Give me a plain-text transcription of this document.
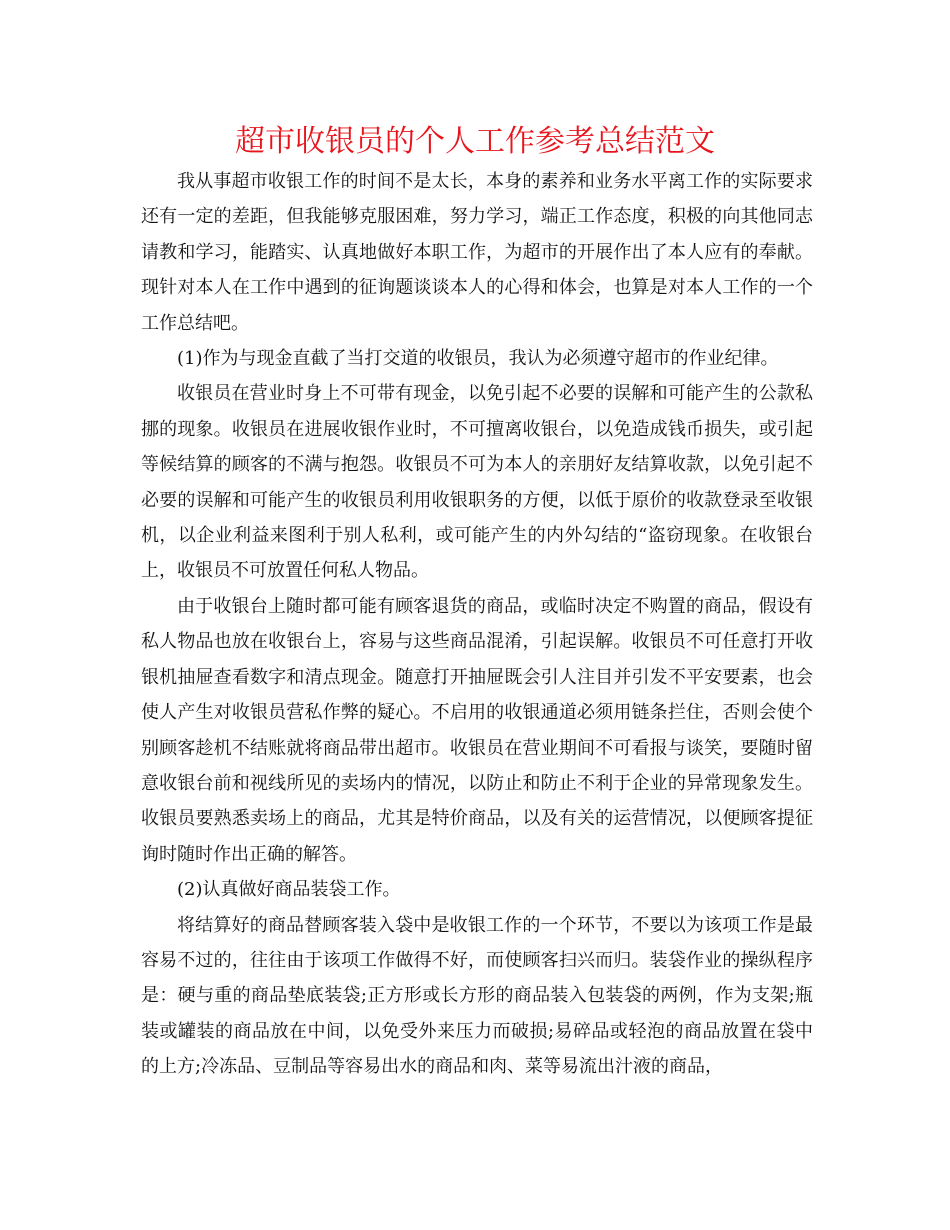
超市收银员的个人工作参考总结范文

我从事超市收银工作的时间不是太长，本身的素养和业务水平离工作的实际要求还有一定的差距，但我能够克服困难，努力学习，端正工作态度，积极的向其他同志请教和学习，能踏实、认真地做好本职工作，为超市的开展作出了本人应有的奉献。现针对本人在工作中遇到的征询题谈谈本人的心得和体会，也算是对本人工作的一个工作总结吧。

(1)作为与现金直截了当打交道的收银员，我认为必须遵守超市的作业纪律。

收银员在营业时身上不可带有现金，以免引起不必要的误解和可能产生的公款私挪的现象。收银员在进展收银作业时，不可擅离收银台，以免造成钱币损失，或引起等候结算的顾客的不满与抱怨。收银员不可为本人的亲朋好友结算收款，以免引起不必要的误解和可能产生的收银员利用收银职务的方便，以低于原价的收款登录至收银机，以企业利益来图利于别人私利，或可能产生的内外勾结的“盗窃现象。在收银台上，收银员不可放置任何私人物品。

由于收银台上随时都可能有顾客退货的商品，或临时决定不购置的商品，假设有私人物品也放在收银台上，容易与这些商品混淆，引起误解。收银员不可任意打开收银机抽屉查看数字和清点现金。随意打开抽屉既会引人注目并引发不平安要素，也会使人产生对收银员营私作弊的疑心。不启用的收银通道必须用链条拦住，否则会使个别顾客趁机不结账就将商品带出超市。收银员在营业期间不可看报与谈笑，要随时留意收银台前和视线所见的卖场内的情况，以防止和防止不利于企业的异常现象发生。收银员要熟悉卖场上的商品，尤其是特价商品，以及有关的运营情况，以便顾客提征询时随时作出正确的解答。

(2)认真做好商品装袋工作。

将结算好的商品替顾客装入袋中是收银工作的一个环节，不要以为该项工作是最容易不过的，往往由于该项工作做得不好，而使顾客扫兴而归。装袋作业的操纵程序是：硬与重的商品垫底装袋;正方形或长方形的商品装入包装袋的两例，作为支架;瓶装或罐装的商品放在中间，以免受外来压力而破损;易碎品或轻泡的商品放置在袋中的上方;冷冻品、豆制品等容易出水的商品和肉、菜等易流出汁液的商品，
